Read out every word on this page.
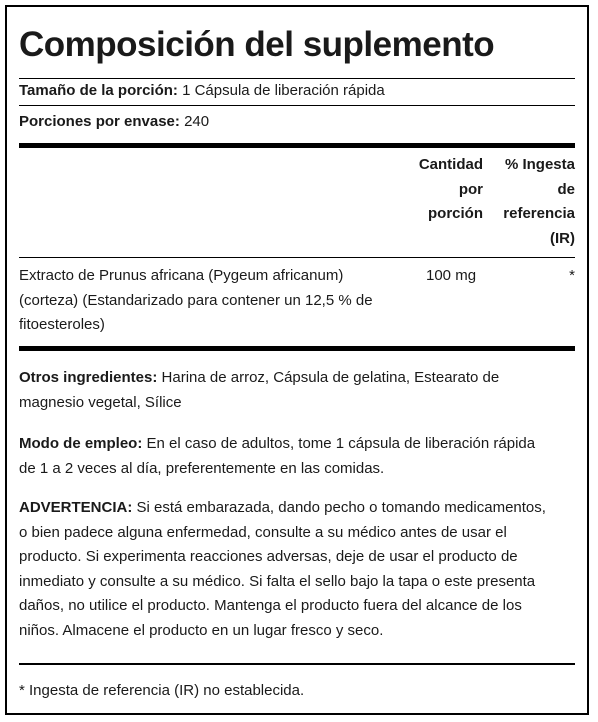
Composición del suplemento
Tamaño de la porción: 1 Cápsula de liberación rápida
Porciones por envase: 240
Cantidad
por
porción
% Ingesta
de
referencia
(IR)
Extracto de Prunus africana (Pygeum africanum)
(corteza) (Estandarizado para contener un 12,5 % de
fitoesteroles)
100 mg	*
Otros ingredientes: Harina de arroz, Cápsula de gelatina, Estearato de
magnesio vegetal, Sílice
Modo de empleo: En el caso de adultos, tome 1 cápsula de liberación rápida
de 1 a 2 veces al día, preferentemente en las comidas.
ADVERTENCIA: Si está embarazada, dando pecho o tomando medicamentos,
o bien padece alguna enfermedad, consulte a su médico antes de usar el
producto. Si experimenta reacciones adversas, deje de usar el producto de
inmediato y consulte a su médico. Si falta el sello bajo la tapa o este presenta
daños, no utilice el producto. Mantenga el producto fuera del alcance de los
niños. Almacene el producto en un lugar fresco y seco.
* Ingesta de referencia (IR) no establecida.
